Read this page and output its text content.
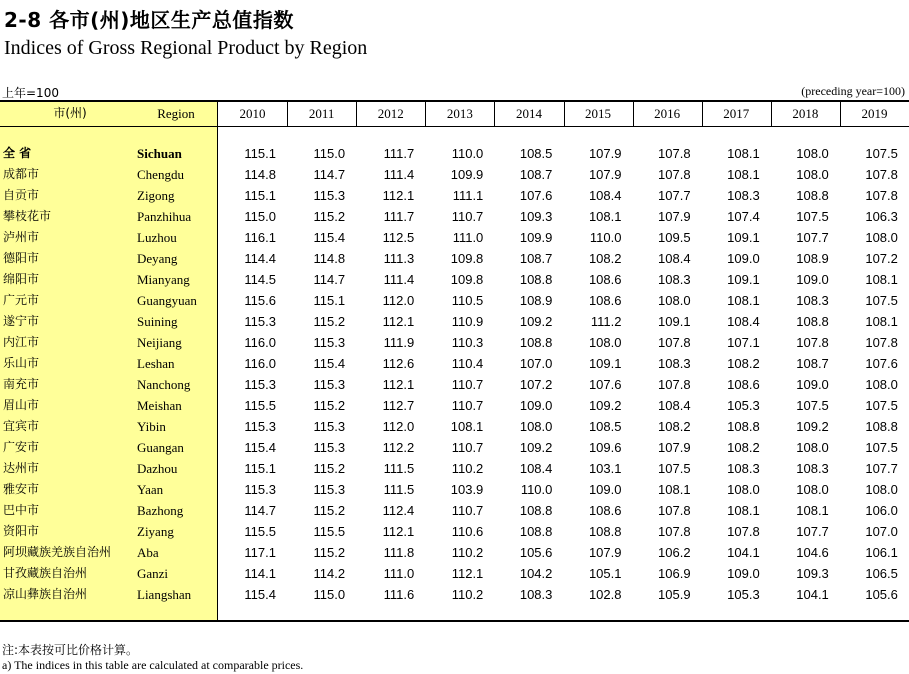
2-8 各市(州)地区生产总值指数
Indices of Gross Regional Product by Region
上年=100	(preceding year=100)
市(州)	Region	2010	2011	2012	2013	2014	2015	2016	2017	2018	2019
全 省	Sichuan	115.1	115.0	111.7	110.0	108.5	107.9	107.8	108.1	108.0	107.5
成都市	Chengdu	114.8	114.7	111.4	109.9	108.7	107.9	107.8	108.1	108.0	107.8
自贡市	Zigong	115.1	115.3	112.1	111.1	107.6	108.4	107.7	108.3	108.8	107.8
攀枝花市	Panzhihua	115.0	115.2	111.7	110.7	109.3	108.1	107.9	107.4	107.5	106.3
泸州市	Luzhou	116.1	115.4	112.5	111.0	109.9	110.0	109.5	109.1	107.7	108.0
德阳市	Deyang	114.4	114.8	111.3	109.8	108.7	108.2	108.4	109.0	108.9	107.2
绵阳市	Mianyang	114.5	114.7	111.4	109.8	108.8	108.6	108.3	109.1	109.0	108.1
广元市	Guangyuan	115.6	115.1	112.0	110.5	108.9	108.6	108.0	108.1	108.3	107.5
遂宁市	Suining	115.3	115.2	112.1	110.9	109.2	111.2	109.1	108.4	108.8	108.1
内江市	Neijiang	116.0	115.3	111.9	110.3	108.8	108.0	107.8	107.1	107.8	107.8
乐山市	Leshan	116.0	115.4	112.6	110.4	107.0	109.1	108.3	108.2	108.7	107.6
南充市	Nanchong	115.3	115.3	112.1	110.7	107.2	107.6	107.8	108.6	109.0	108.0
眉山市	Meishan	115.5	115.2	112.7	110.7	109.0	109.2	108.4	105.3	107.5	107.5
宜宾市	Yibin	115.3	115.3	112.0	108.1	108.0	108.5	108.2	108.8	109.2	108.8
广安市	Guangan	115.4	115.3	112.2	110.7	109.2	109.6	107.9	108.2	108.0	107.5
达州市	Dazhou	115.1	115.2	111.5	110.2	108.4	103.1	107.5	108.3	108.3	107.7
雅安市	Yaan	115.3	115.3	111.5	103.9	110.0	109.0	108.1	108.0	108.0	108.0
巴中市	Bazhong	114.7	115.2	112.4	110.7	108.8	108.6	107.8	108.1	108.1	106.0
资阳市	Ziyang	115.5	115.5	112.1	110.6	108.8	108.8	107.8	107.8	107.7	107.0
阿坝藏族羌族自治州 Aba	117.1	115.2	111.8	110.2	105.6	107.9	106.2	104.1	104.6	106.1
甘孜藏族自治州	Ganzi	114.1	114.2	111.0	112.1	104.2	105.1	106.9	109.0	109.3	106.5
凉山彝族自治州	Liangshan	115.4	115.0	111.6	110.2	108.3	102.8	105.9	105.3	104.1	105.6
注:本表按可比价格计算。
a) The indices in this table are calculated at comparable prices.
